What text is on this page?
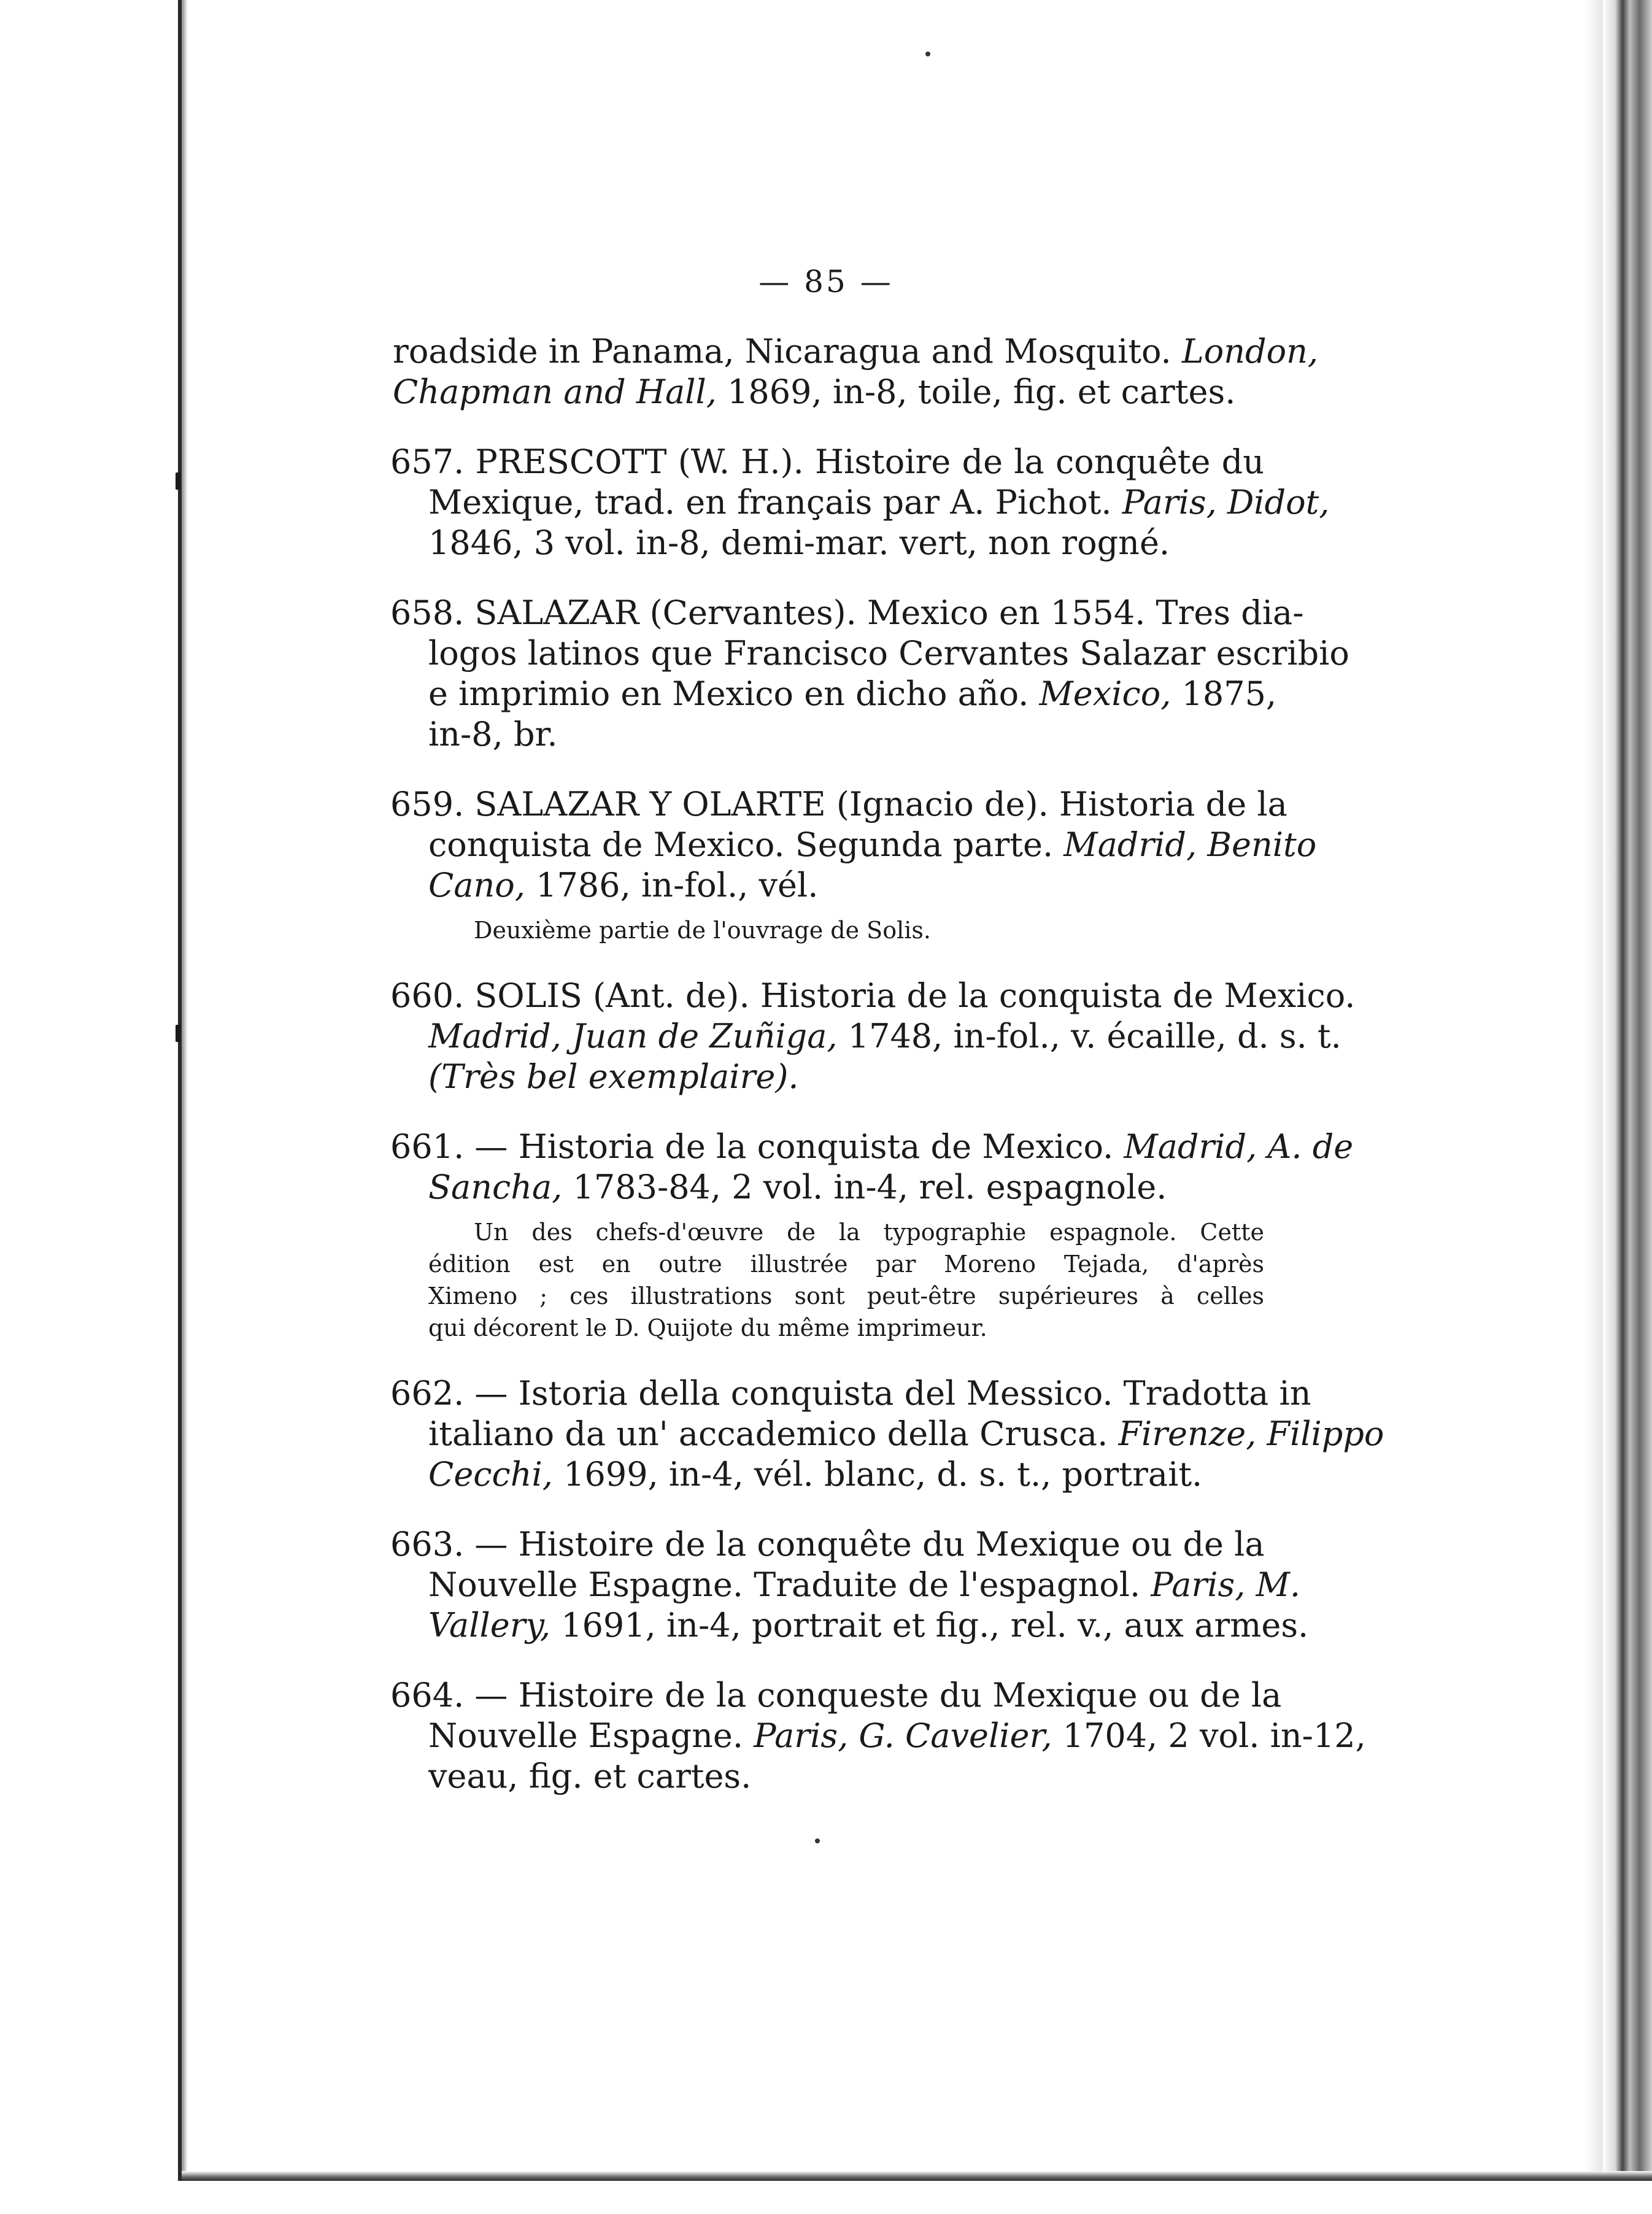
— 85 —
roadside in Panama, Nicaragua and Mosquito. London,
Chapman and Hall, 1869, in-8, toile, fig. et cartes.
657. PRESCOTT (W. H.). Histoire de la conquête du
Mexique, trad. en français par A. Pichot. Paris, Didot,
1846, 3 vol. in-8, demi-mar. vert, non rogné.
658. SALAZAR (Cervantes). Mexico en 1554. Tres dia-
logos latinos que Francisco Cervantes Salazar escribio
e imprimio en Mexico en dicho año. Mexico, 1875,
in-8, br.
659. SALAZAR Y OLARTE (Ignacio de). Historia de la
conquista de Mexico. Segunda parte. Madrid, Benito
Cano, 1786, in-fol., vél.
Deuxième partie de l'ouvrage de Solis.
660. SOLIS (Ant. de). Historia de la conquista de Mexico.
Madrid, Juan de Zuñiga, 1748, in-fol., v. écaille, d. s. t.
(Très bel exemplaire).
661. — Historia de la conquista de Mexico. Madrid, A. de
Sancha, 1783-84, 2 vol. in-4, rel. espagnole.
Un des chefs-d'œuvre de la typographie espagnole. Cette
édition est en outre illustrée par Moreno Tejada, d'après
Ximeno ; ces illustrations sont peut-être supérieures à celles
qui décorent le D. Quijote du même imprimeur.
662. — Istoria della conquista del Messico. Tradotta in
italiano da un' accademico della Crusca. Firenze, Filippo
Cecchi, 1699, in-4, vél. blanc, d. s. t., portrait.
663. — Histoire de la conquête du Mexique ou de la
Nouvelle Espagne. Traduite de l'espagnol. Paris, M.
Vallery, 1691, in-4, portrait et fig., rel. v., aux armes.
664. — Histoire de la conqueste du Mexique ou de la
Nouvelle Espagne. Paris, G. Cavelier, 1704, 2 vol. in-12,
veau, fig. et cartes.
